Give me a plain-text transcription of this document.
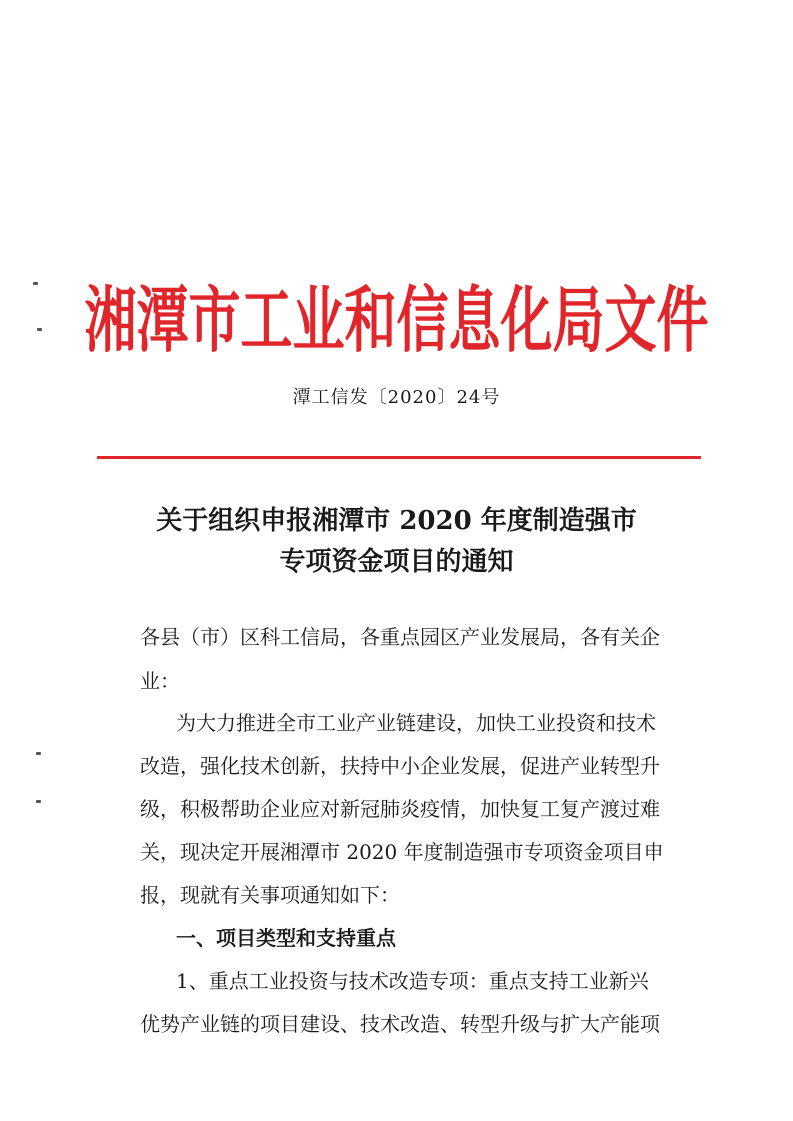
湘潭市工业和信息化局文件
潭工信发〔2020〕24号
关于组织申报湘潭市 2020 年度制造强市
专项资金项目的通知
各县（市）区科工信局，各重点园区产业发展局，各有关企
业：
为大力推进全市工业产业链建设，加快工业投资和技术
改造，强化技术创新，扶持中小企业发展，促进产业转型升
级，积极帮助企业应对新冠肺炎疫情，加快复工复产渡过难
关，现决定开展湘潭市 2020 年度制造强市专项资金项目申
报，现就有关事项通知如下：
一、项目类型和支持重点
1、重点工业投资与技术改造专项：重点支持工业新兴
优势产业链的项目建设、技术改造、转型升级与扩大产能项
